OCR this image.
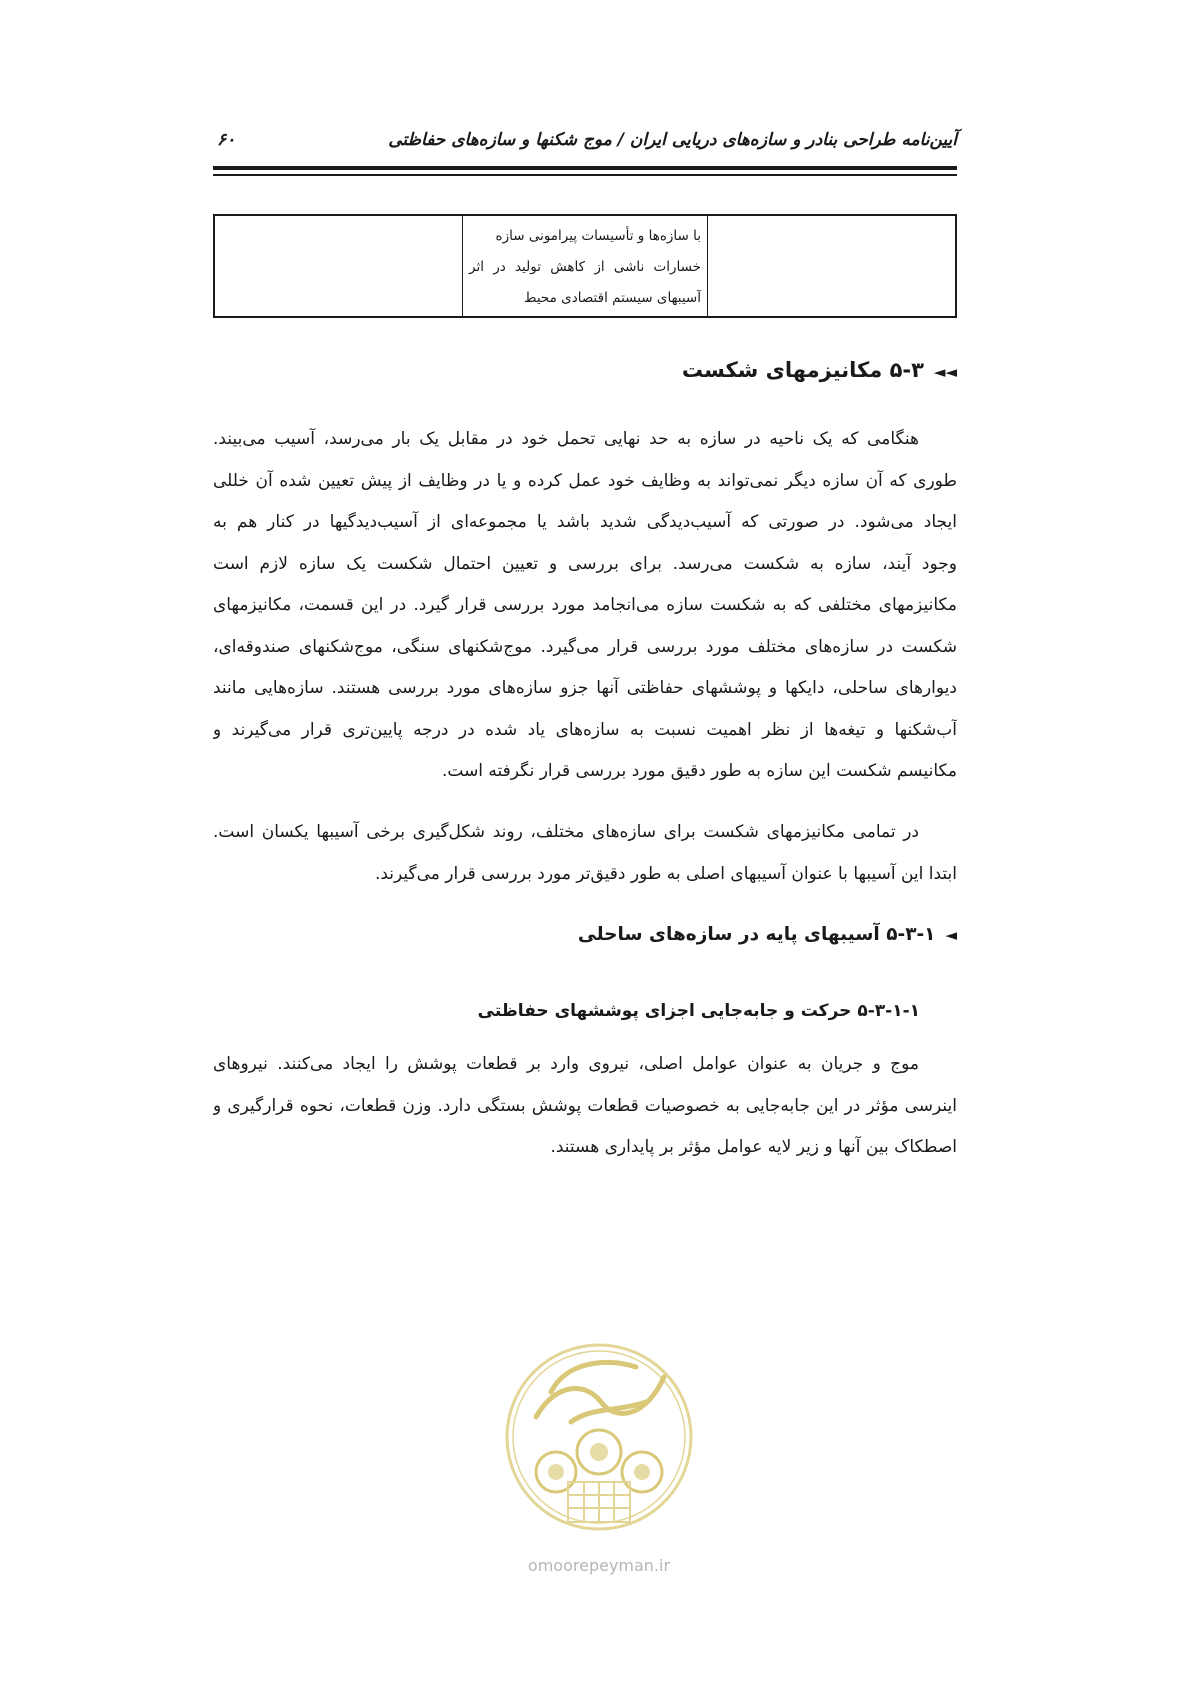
آیین‌نامه طراحی بنادر و سازه‌های دریایی ایران / موج شکنها و سازه‌های حفاظتی
۶۰
با سازه‌ها و تأسیسات پیرامونی سازه
خسارات ناشی از کاهش تولید در اثر
آسیبهای سیستم اقتصادی محیط
◄◄۵-۳ مکانیزمهای شکست
هنگامی که یک ناحیه در سازه به حد نهایی تحمل خود در مقابل یک بار می‌رسد، آسیب می‌بیند.
طوری که آن سازه دیگر نمی‌تواند به وظایف خود عمل کرده و یا در وظایف از پیش تعیین شده آن خللی
ایجاد می‌شود. در صورتی که آسیب‌دیدگی شدید باشد یا مجموعه‌ای از آسیب‌دیدگیها در کنار هم به
وجود آیند، سازه به شکست می‌رسد. برای بررسی و تعیین احتمال شکست یک سازه لازم است
مکانیزمهای مختلفی که به شکست سازه می‌انجامد مورد بررسی قرار گیرد. در این قسمت، مکانیزمهای
شکست در سازه‌های مختلف مورد بررسی قرار می‌گیرد. موج‌شکنهای سنگی، موج‌شکنهای صندوقه‌ای،
دیوارهای ساحلی، دایکها و پوششهای حفاظتی آنها جزو سازه‌های مورد بررسی هستند. سازه‌هایی مانند
آب‌شکنها و تیغه‌ها از نظر اهمیت نسبت به سازه‌های یاد شده در درجه پایین‌تری قرار می‌گیرند و
مکانیسم شکست این سازه به طور دقیق مورد بررسی قرار نگرفته است.
در تمامی مکانیزمهای شکست برای سازه‌های مختلف، روند شکل‌گیری برخی آسیبها یکسان است.
ابتدا این آسیبها با عنوان آسیبهای اصلی به طور دقیق‌تر مورد بررسی قرار می‌گیرند.
◄۵-۳-۱ آسیبهای پایه در سازه‌های ساحلی
۵-۳-۱-۱ حرکت و جابه‌جایی اجزای پوششهای حفاظتی
موج و جریان به عنوان عوامل اصلی، نیروی وارد بر قطعات پوشش را ایجاد می‌کنند. نیروهای
اینرسی مؤثر در این جابه‌جایی به خصوصیات قطعات پوشش بستگی دارد. وزن قطعات، نحوه قرارگیری و
اصطکاک بین آنها و زیر لایه عوامل مؤثر بر پایداری هستند.
omoorepeyman.ir
